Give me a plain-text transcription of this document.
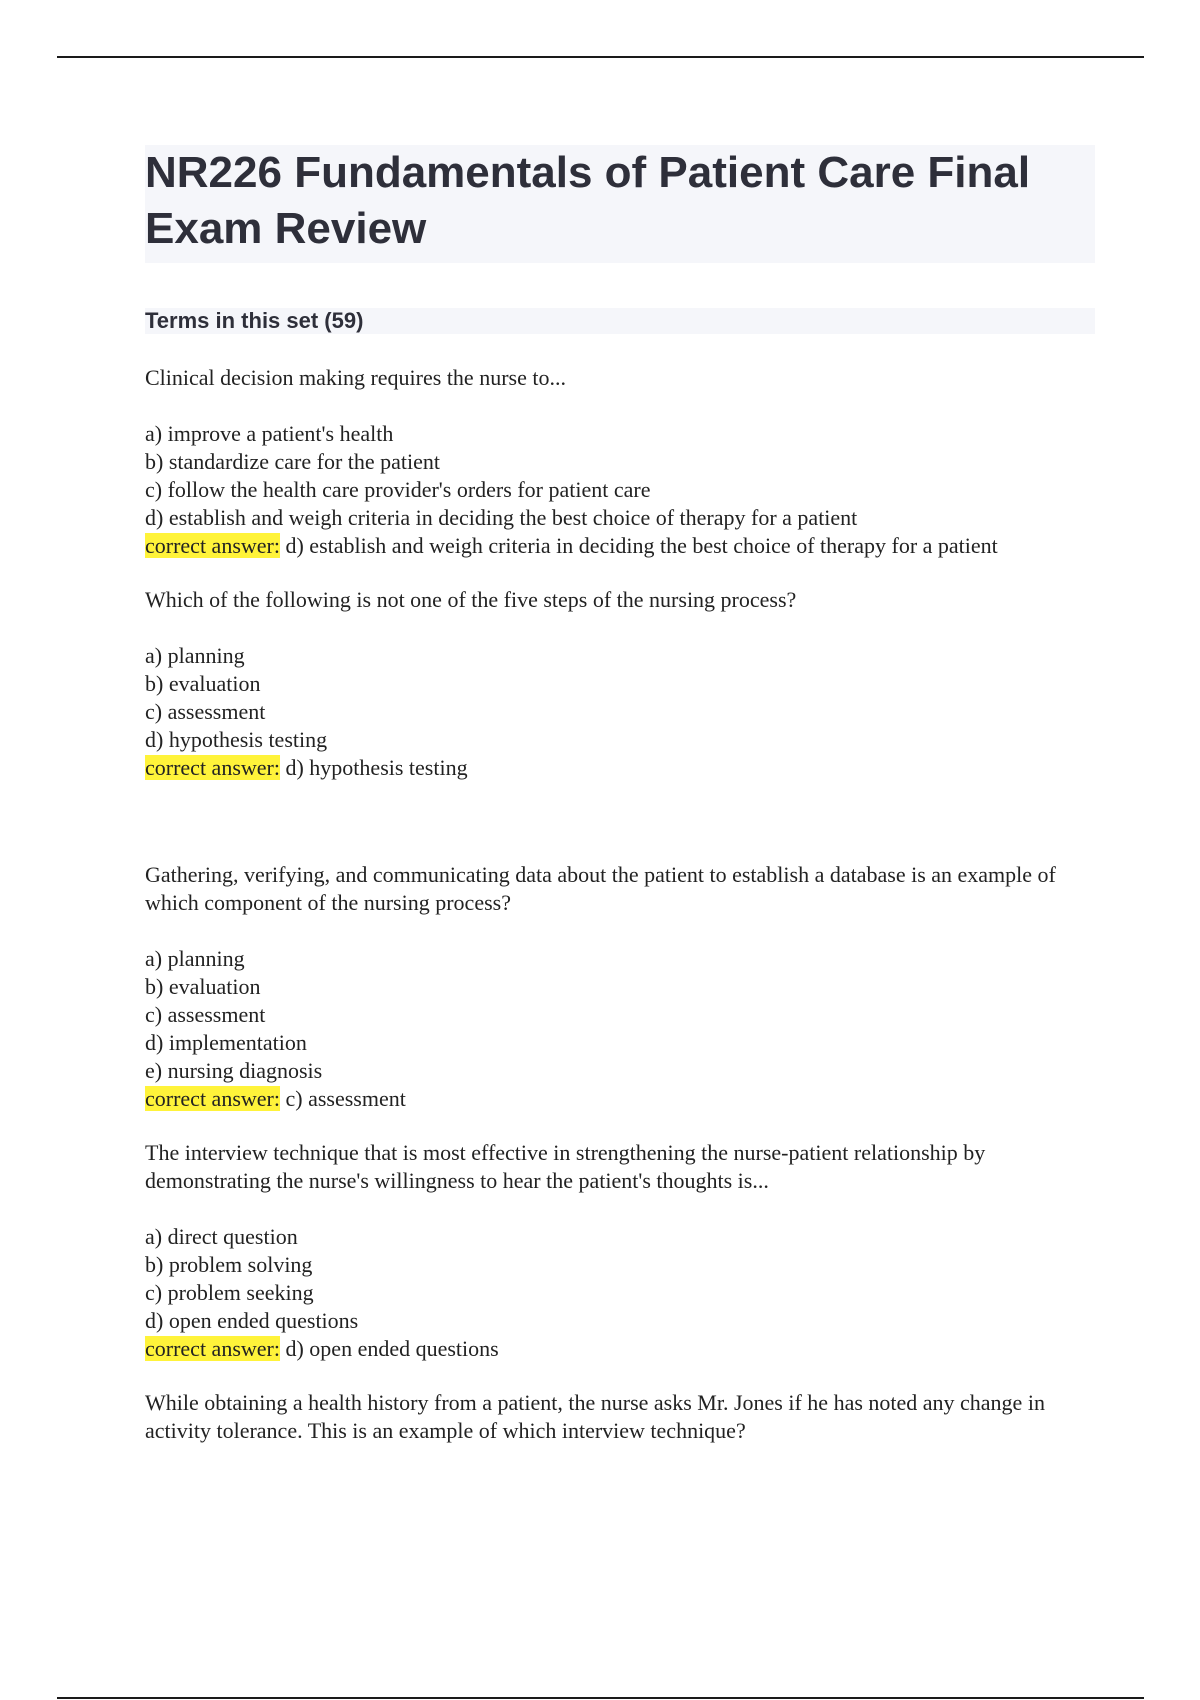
NR226 Fundamentals of Patient Care Final Exam Review
Terms in this set (59)

Clinical decision making requires the nurse to...

a) improve a patient's health

b) standardize care for the patient

c) follow the health care provider's orders for patient care

d) establish and weigh criteria in deciding the best choice of therapy for a patient

correct answer: d) establish and weigh criteria in deciding the best choice of therapy for a patient

Which of the following is not one of the five steps of the nursing process?

a) planning

b) evaluation

c) assessment

d) hypothesis testing

correct answer: d) hypothesis testing

Gathering, verifying, and communicating data about the patient to establish a database is an example of which component of the nursing process?

a) planning

b) evaluation

c) assessment

d) implementation

e) nursing diagnosis

correct answer: c) assessment

The interview technique that is most effective in strengthening the nurse-patient relationship by demonstrating the nurse's willingness to hear the patient's thoughts is...

a) direct question

b) problem solving

c) problem seeking

d) open ended questions

correct answer: d) open ended questions

While obtaining a health history from a patient, the nurse asks Mr. Jones if he has noted any change in activity tolerance. This is an example of which interview technique?
